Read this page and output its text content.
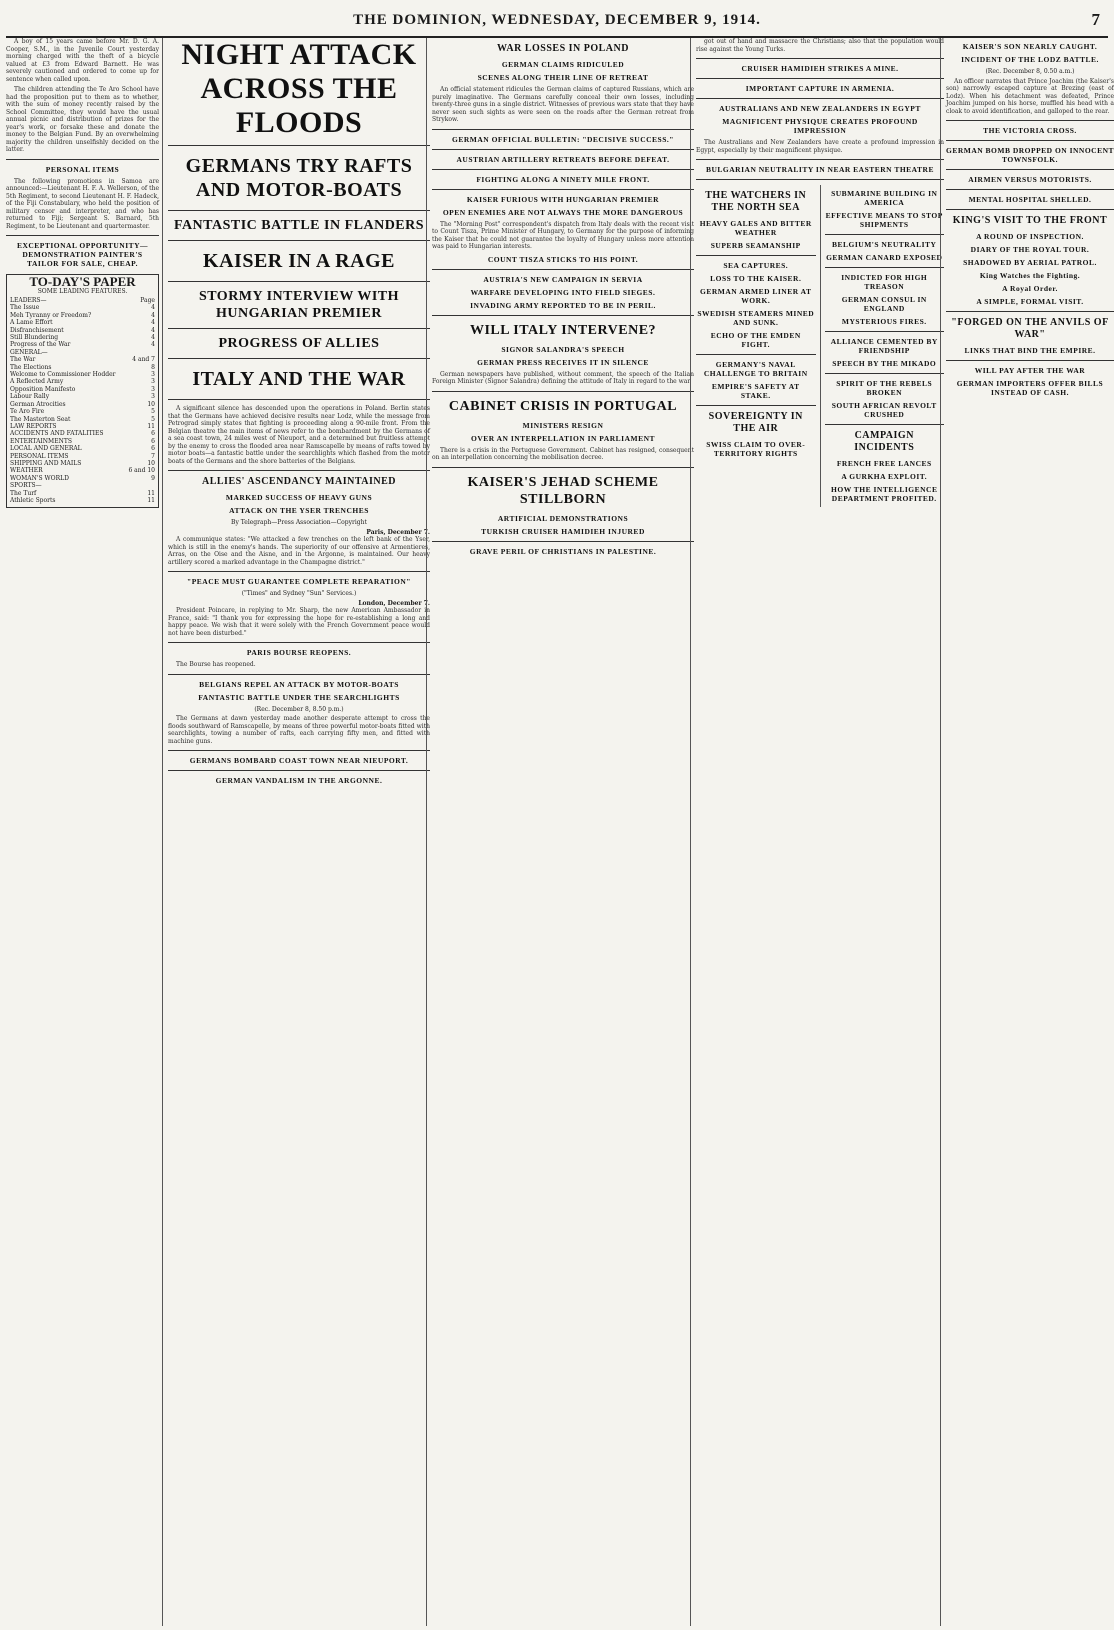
THE DOMINION, WEDNESDAY, DECEMBER 9, 1914.	7

A boy of 15 years came before Mr. D. G. A. Cooper, S.M., in the Juvenile Court yesterday morning charged with the theft of a bicycle valued at £3 from Edward Barnett. He was severely cautioned and ordered to come up for sentence when called upon.

The children attending the Te Aro School have had the proposition put to them as to whether, with the sum of money recently raised by the School Committee, they would have the usual annual picnic and distribution of prizes for the year's work, or forsake these and donate the money to the Belgian Fund. By an overwhelming majority the children unselfishly decided on the latter.

PERSONAL ITEMS

The following promotions in Samoa are announced:—Lieutenant H. F. A. Wellerson, of the 5th Regiment, to second Lieutenant H. F. Hadeck, of the Fiji Constabulary, who held the position of military censor and interpreter, and who has returned to Fiji; Sergeant S. Barnard, 5th Regiment, to be Lieutenant and quartermaster.

EXCEPTIONAL OPPORTUNITY—DEMONSTRATION PAINTER'S TAILOR FOR SALE, CHEAP.
TO-DAY'S PAPER
SOME LEADING FEATURES.
LEADERS—	Page
The Issue	4
Meh Tyranny or Freedom?	4
A Lame Effort	4
Disfranchisement	4
Still Blundering	4
Progress of the War	4
GENERAL—
The War	4 and 7
The Elections	8
Welcome to Commissioner Hodder	3
A Reflected Army	3
Opposition Manifesto	3
Labour Rally	3
German Atrocities	10
Te Aro Fire	5
The Masterton Seat	5
LAW REPORTS	11
ACCIDENTS AND FATALITIES	6
ENTERTAINMENTS	6
LOCAL AND GENERAL	6
PERSONAL ITEMS	7
SHIPPING AND MAILS	10
WEATHER	6 and 10
WOMAN'S WORLD	9
SPORTS—
The Turf	11
Athletic Sports	11
NIGHT ATTACK ACROSS THE FLOODS
GERMANS TRY RAFTS AND MOTOR-BOATS
FANTASTIC BATTLE IN FLANDERS
KAISER IN A RAGE
STORMY INTERVIEW WITH HUNGARIAN PREMIER
PROGRESS OF ALLIES
ITALY AND THE WAR

A significant silence has descended upon the operations in Poland. Berlin states that the Germans have achieved decisive results near Lodz, while the message from Petrograd simply states that fighting is proceeding along a 90-mile front. From the Belgian theatre the main items of news refer to the bombardment by the Germans of a sea coast town, 24 miles west of Nieuport, and a determined but fruitless attempt by the enemy to cross the flooded area near Ramscapelle by means of rafts towed by motor boats—a fantastic battle under the searchlights which flashed from the motor boats of the Germans and the shore batteries of the Belgians.

ALLIES' ASCENDANCY MAINTAINED
MARKED SUCCESS OF HEAVY GUNS
ATTACK ON THE YSER TRENCHES
By Telegraph—Press Association—Copyright
Paris, December 7.

A communique states: "We attacked a few trenches on the left bank of the Yser, which is still in the enemy's hands. The superiority of our offensive at Armentieres, Arras, on the Oise and the Aisne, and in the Argonne, is maintained. Our heavy artillery scored a marked advantage in the Champagne district."

"PEACE MUST GUARANTEE COMPLETE REPARATION"
("Times" and Sydney "Sun" Services.)
London, December 7.

President Poincare, in replying to Mr. Sharp, the new American Ambassador in France, said: "I thank you for expressing the hope for re-establishing a long and happy peace. We wish that it were solely with the French Government peace would not have been disturbed."

PARIS BOURSE REOPENS.

The Bourse has reopened.

BELGIANS REPEL AN ATTACK BY MOTOR-BOATS
FANTASTIC BATTLE UNDER THE SEARCHLIGHTS
(Rec. December 8, 8.50 p.m.)

The Germans at dawn yesterday made another desperate attempt to cross the floods southward of Ramscapelle, by means of three powerful motor-boats fitted with searchlights, towing a number of rafts, each carrying fifty men, and fitted with machine guns.

GERMANS BOMBARD COAST TOWN NEAR NIEUPORT.
GERMAN VANDALISM IN THE ARGONNE.
WAR LOSSES IN POLAND
GERMAN CLAIMS RIDICULED
SCENES ALONG THEIR LINE OF RETREAT

An official statement ridicules the German claims of captured Russians, which are purely imaginative. The Germans carefully conceal their own losses, including twenty-three guns in a single district. Witnesses of previous wars state that they have never seen such sights as were seen on the roads after the German retreat from Strykow.

GERMAN OFFICIAL BULLETIN: "DECISIVE SUCCESS."
AUSTRIAN ARTILLERY RETREATS BEFORE DEFEAT.
FIGHTING ALONG A NINETY MILE FRONT.
KAISER FURIOUS WITH HUNGARIAN PREMIER
OPEN ENEMIES ARE NOT ALWAYS THE MORE DANGEROUS

The "Morning Post" correspondent's dispatch from Italy deals with the recent visit to Count Tisza, Prime Minister of Hungary, to Germany for the purpose of informing the Kaiser that he could not guarantee the loyalty of Hungary unless more attention was paid to Hungarian interests.

COUNT TISZA STICKS TO HIS POINT.
AUSTRIA'S NEW CAMPAIGN IN SERVIA
WARFARE DEVELOPING INTO FIELD SIEGES.
INVADING ARMY REPORTED TO BE IN PERIL.
WILL ITALY INTERVENE?
SIGNOR SALANDRA'S SPEECH
GERMAN PRESS RECEIVES IT IN SILENCE

German newspapers have published, without comment, the speech of the Italian Foreign Minister (Signor Salandra) defining the attitude of Italy in regard to the war.

CABINET CRISIS IN PORTUGAL
MINISTERS RESIGN
OVER AN INTERPELLATION IN PARLIAMENT

There is a crisis in the Portuguese Government. Cabinet has resigned, consequent on an interpellation concerning the mobilisation decree.

KAISER'S JEHAD SCHEME STILLBORN
ARTIFICIAL DEMONSTRATIONS
TURKISH CRUISER HAMIDIEH INJURED
GRAVE PERIL OF CHRISTIANS IN PALESTINE.

got out of hand and massacre the Christians; also that the population would rise against the Young Turks.

CRUISER HAMIDIEH STRIKES A MINE.
IMPORTANT CAPTURE IN ARMENIA.
AUSTRALIANS AND NEW ZEALANDERS IN EGYPT
MAGNIFICENT PHYSIQUE CREATES PROFOUND IMPRESSION

The Australians and New Zealanders have create a profound impression in Egypt, especially by their magnificent physique.

BULGARIAN NEUTRALITY IN NEAR EASTERN THEATRE
THE WATCHERS IN THE NORTH SEA
HEAVY GALES AND BITTER WEATHER
SUPERB SEAMANSHIP
SEA CAPTURES.
LOSS TO THE KAISER.
GERMAN ARMED LINER AT WORK.
SWEDISH STEAMERS MINED AND SUNK.
ECHO OF THE EMDEN FIGHT.
GERMANY'S NAVAL CHALLENGE TO BRITAIN
EMPIRE'S SAFETY AT STAKE.
SOVEREIGNTY IN THE AIR
SWISS CLAIM TO OVER-TERRITORY RIGHTS
SUBMARINE BUILDING IN AMERICA
EFFECTIVE MEANS TO STOP SHIPMENTS
BELGIUM'S NEUTRALITY
GERMAN CANARD EXPOSED
INDICTED FOR HIGH TREASON
GERMAN CONSUL IN ENGLAND
MYSTERIOUS FIRES.
ALLIANCE CEMENTED BY FRIENDSHIP
SPEECH BY THE MIKADO
SPIRIT OF THE REBELS BROKEN
SOUTH AFRICAN REVOLT CRUSHED
CAMPAIGN INCIDENTS
FRENCH FREE LANCES
A GURKHA EXPLOIT.
HOW THE INTELLIGENCE DEPARTMENT PROFITED.
KAISER'S SON NEARLY CAUGHT.
INCIDENT OF THE LODZ BATTLE.
(Rec. December 8, 0.50 a.m.)

An officer narrates that Prince Joachim (the Kaiser's son) narrowly escaped capture at Brezing (east of Lodz). When his detachment was defeated, Prince Joachim jumped on his horse, muffled his head with a cloak to avoid identification, and galloped to the rear.

THE VICTORIA CROSS.
GERMAN BOMB DROPPED ON INNOCENT TOWNSFOLK.
AIRMEN VERSUS MOTORISTS.
MENTAL HOSPITAL SHELLED.
KING'S VISIT TO THE FRONT
A ROUND OF INSPECTION.
DIARY OF THE ROYAL TOUR.
SHADOWED BY AERIAL PATROL.
King Watches the Fighting.
A Royal Order.
A SIMPLE, FORMAL VISIT.
"FORGED ON THE ANVILS OF WAR"
LINKS THAT BIND THE EMPIRE.
WILL PAY AFTER THE WAR
GERMAN IMPORTERS OFFER BILLS INSTEAD OF CASH.
